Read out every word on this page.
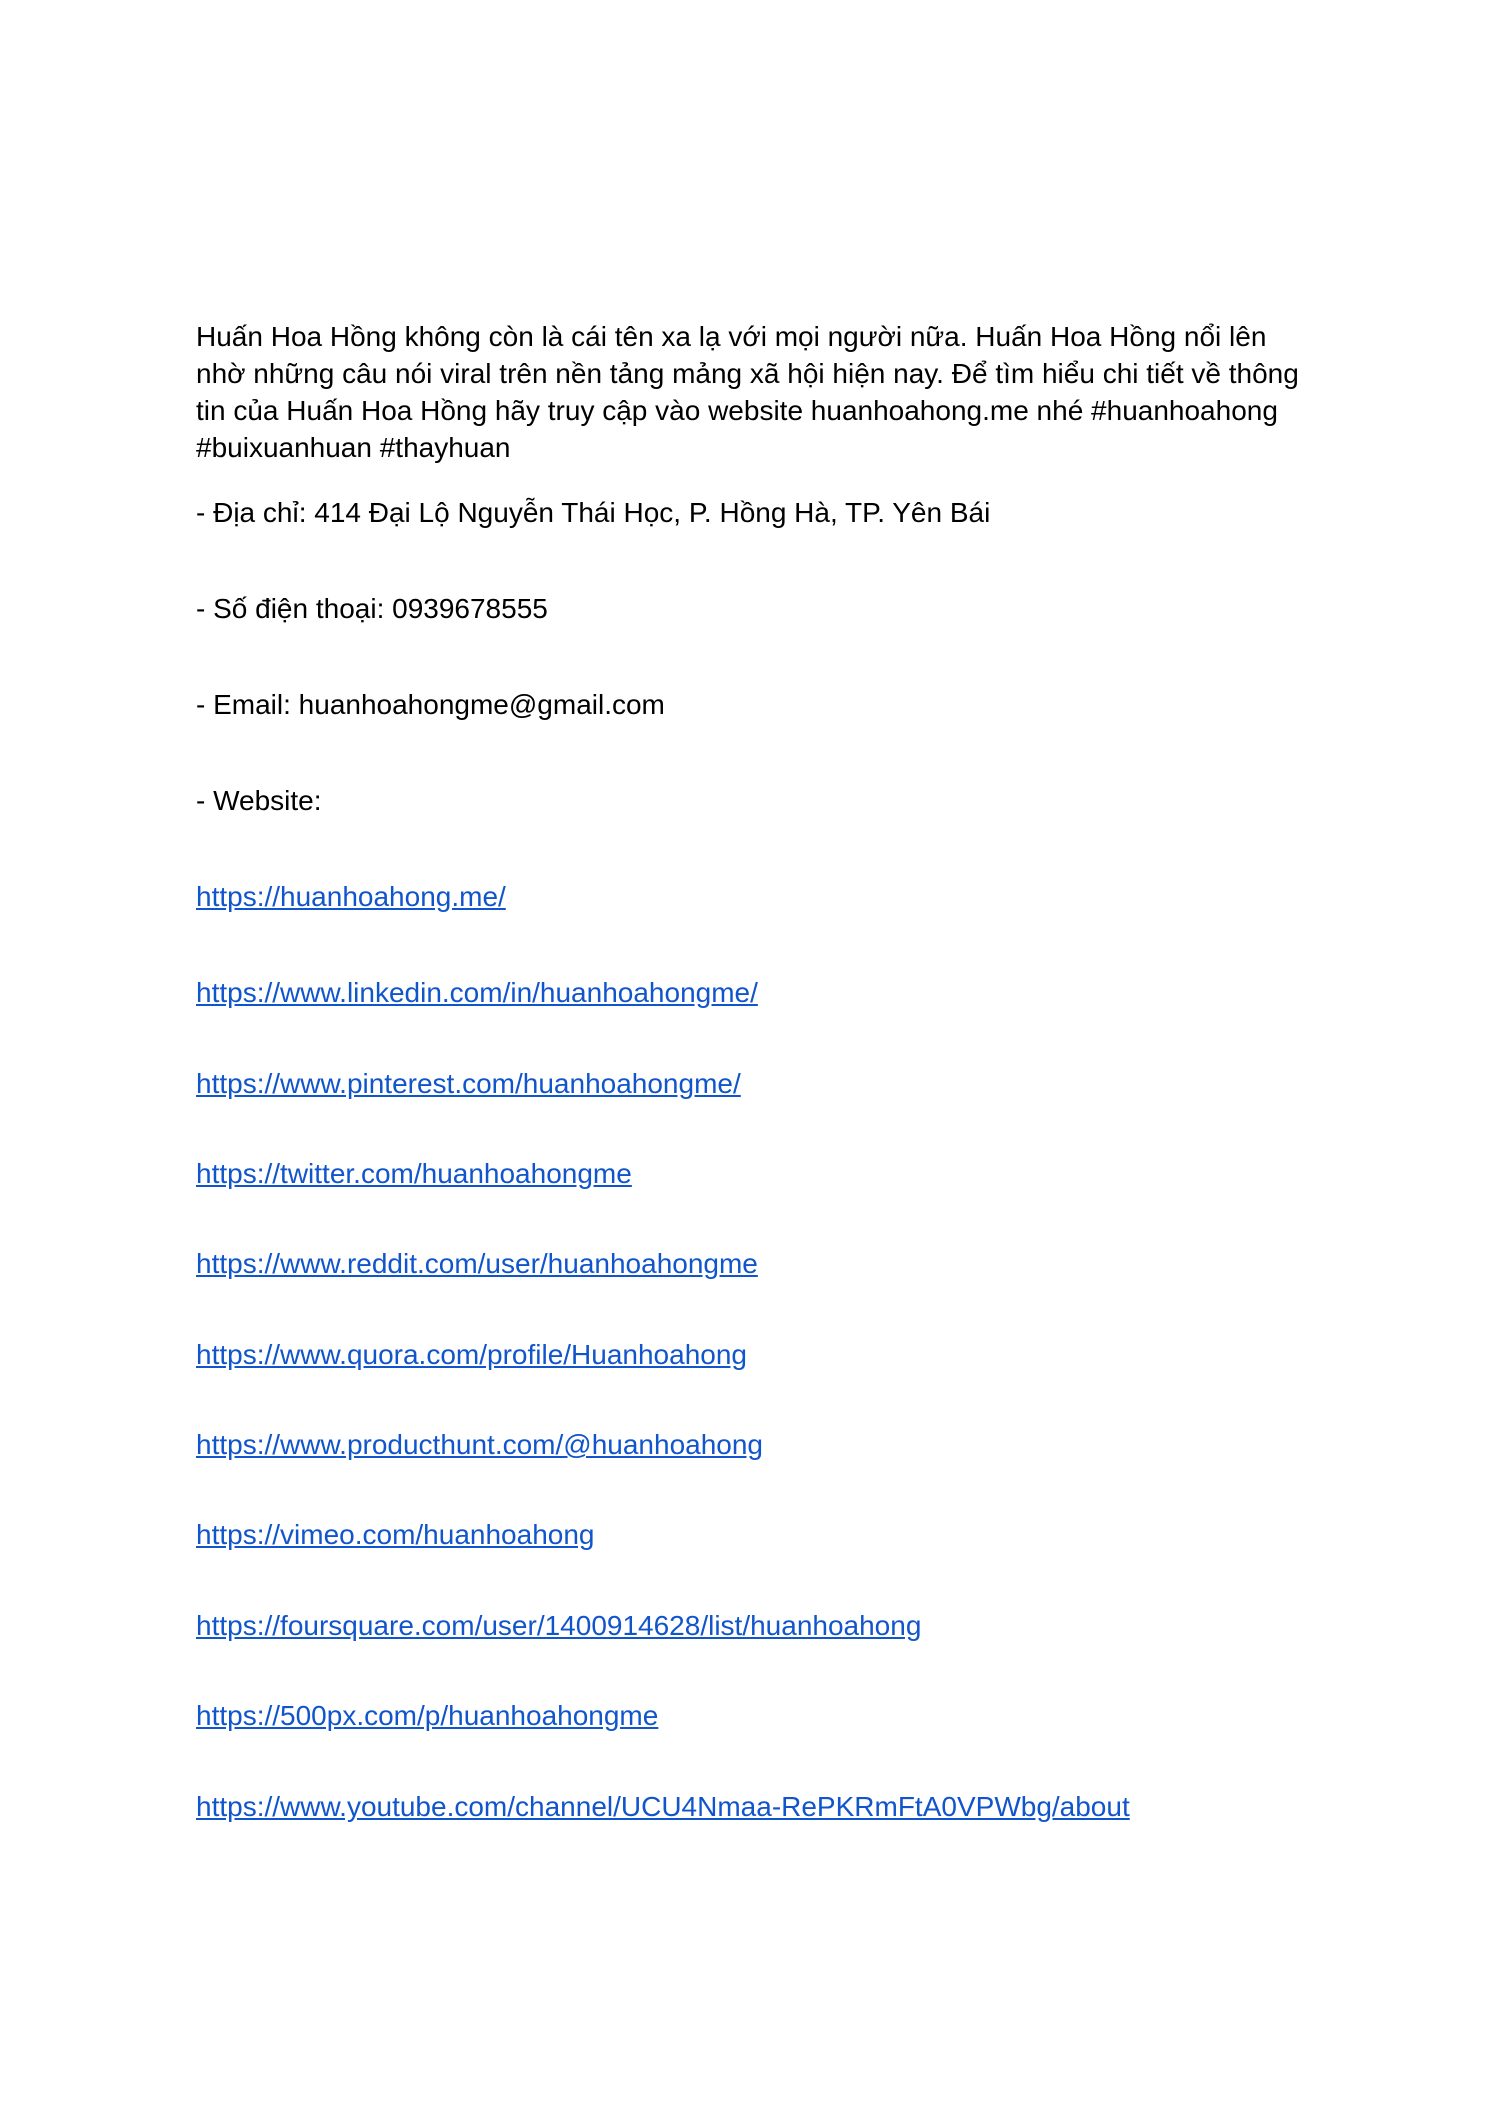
Huấn Hoa Hồng không còn là cái tên xa lạ với mọi người nữa. Huấn Hoa Hồng nổi lên nhờ những câu nói viral trên nền tảng mảng xã hội hiện nay. Để tìm hiểu chi tiết về thông tin của Huấn Hoa Hồng hãy truy cập vào website huanhoahong.me nhé #huanhoahong #buixuanhuan #thayhuan

- Địa chỉ: 414 Đại Lộ Nguyễn Thái Học, P. Hồng Hà, TP. Yên Bái

- Số điện thoại: 0939678555

- Email: huanhoahongme@gmail.com

- Website:

https://huanhoahong.me/
https://www.linkedin.com/in/huanhoahongme/
https://www.pinterest.com/huanhoahongme/
https://twitter.com/huanhoahongme
https://www.reddit.com/user/huanhoahongme
https://www.quora.com/profile/Huanhoahong
https://www.producthunt.com/@huanhoahong
https://vimeo.com/huanhoahong
https://foursquare.com/user/1400914628/list/huanhoahong
https://500px.com/p/huanhoahongme
https://www.youtube.com/channel/UCU4Nmaa-RePKRmFtA0VPWbg/about
